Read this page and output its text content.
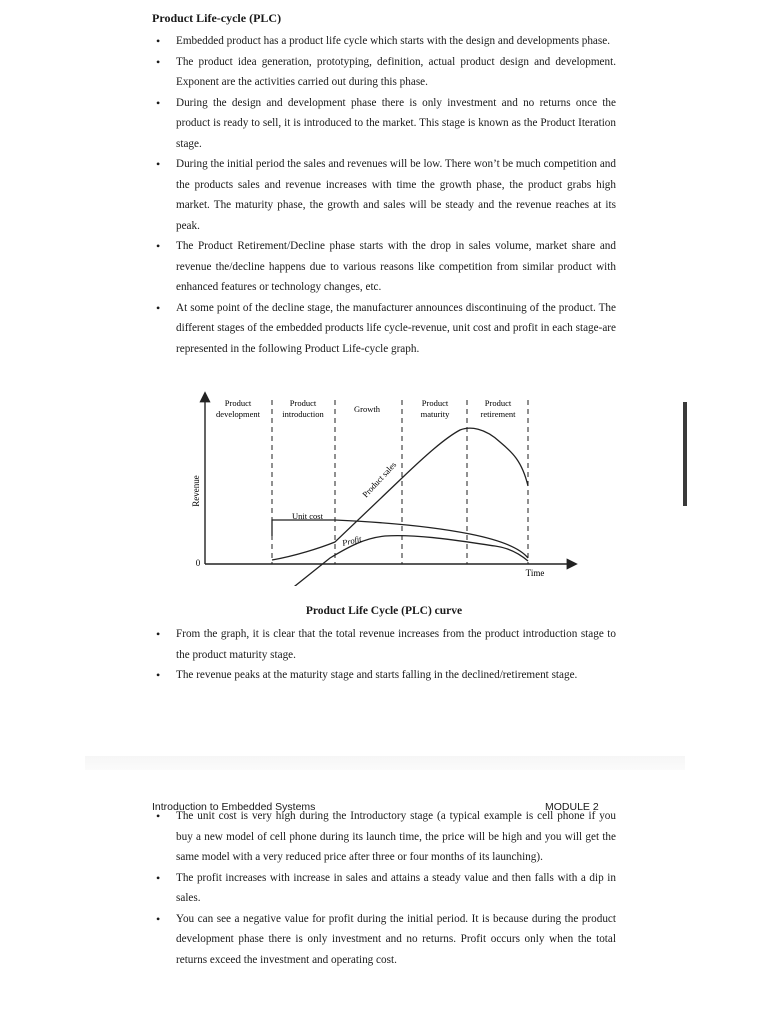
Product Life-cycle (PLC)
• Embedded product has a product life cycle which starts with the design and developments phase.
• The product idea generation, prototyping, definition, actual product design and development. Exponent are the activities carried out during this phase.
• During the design and development phase there is only investment and no returns once the product is ready to sell, it is introduced to the market. This stage is known as the Product Iteration stage.
• During the initial period the sales and revenues will be low. There won’t be much competition and the products sales and revenue increases with time the growth phase, the product grabs high market. The maturity phase, the growth and sales will be steady and the revenue reaches at its peak.
• The Product Retirement/Decline phase starts with the drop in sales volume, market share and revenue the/decline happens due to various reasons like competition from similar product with enhanced features or technology changes, etc.
• At some point of the decline stage, the manufacturer announces discontinuing of the product. The different stages of the embedded products life cycle-revenue, unit cost and profit in each stage-are represented in the following Product Life-cycle graph.
Revenue
0
Time
Product
development
Product
introduction	Growth
Product
maturity
Product
retirement
Product sales
Unit cost
Profit
Product Life Cycle (PLC) curve
• From the graph, it is clear that the total revenue increases from the product introduction stage to the product maturity stage.
• The revenue peaks at the maturity stage and starts falling in the declined/retirement stage.
Introduction to Embedded Systems	MODULE 2
• The unit cost is very high during the Introductory stage (a typical example is cell phone if you buy a new model of cell phone during its launch time, the price will be high and you will get the same model with a very reduced price after three or four months of its launching).
• The profit increases with increase in sales and attains a steady value and then falls with a dip in sales.
• You can see a negative value for profit during the initial period. It is because during the product development phase there is only investment and no returns. Profit occurs only when the total returns exceed the investment and operating cost.
